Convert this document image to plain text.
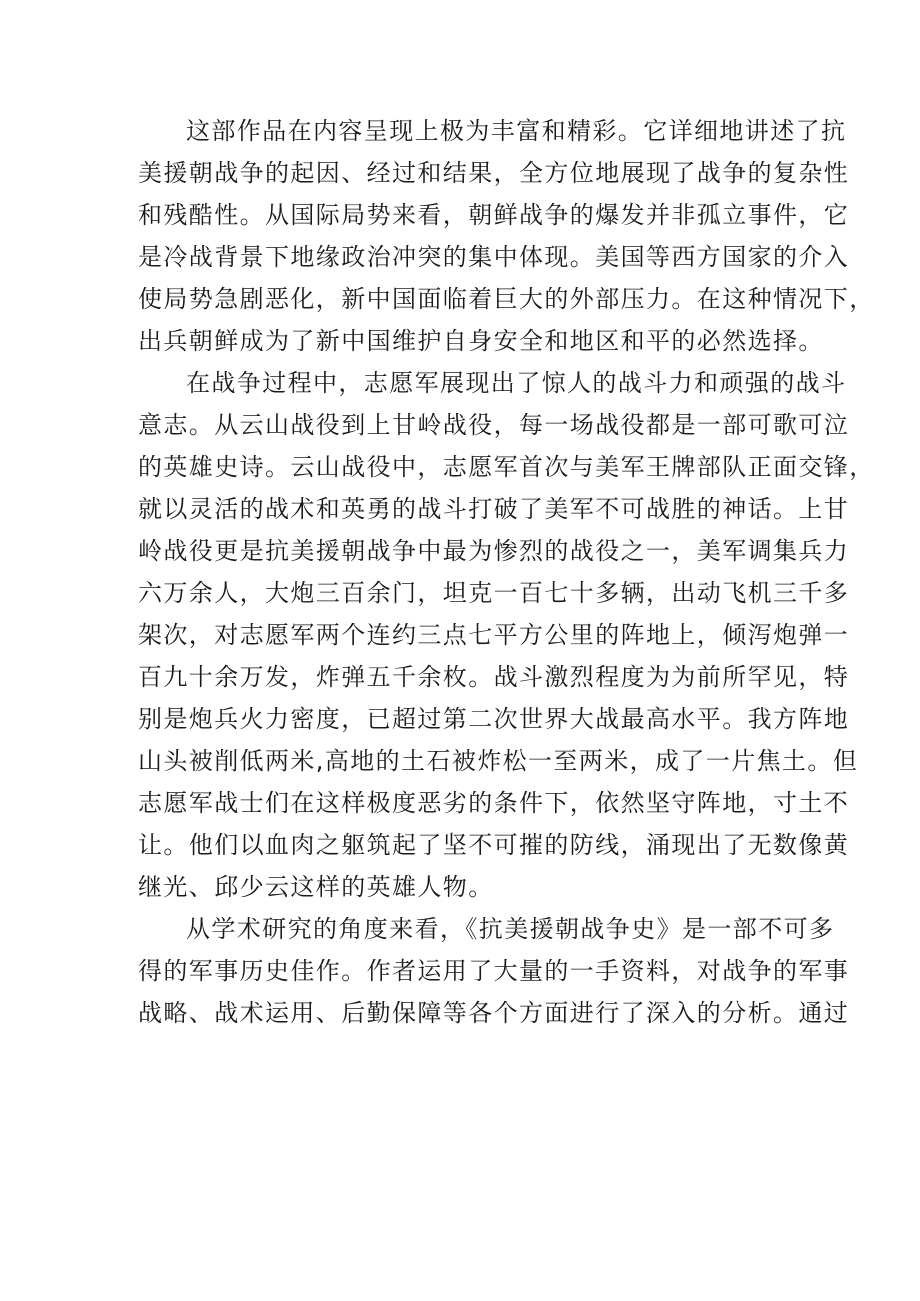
这部作品在内容呈现上极为丰富和精彩。它详细地讲述了抗
美援朝战争的起因、经过和结果，全方位地展现了战争的复杂性
和残酷性。从国际局势来看，朝鲜战争的爆发并非孤立事件，它
是冷战背景下地缘政治冲突的集中体现。美国等西方国家的介入
使局势急剧恶化，新中国面临着巨大的外部压力。在这种情况下，
出兵朝鲜成为了新中国维护自身安全和地区和平的必然选择。

在战争过程中，志愿军展现出了惊人的战斗力和顽强的战斗
意志。从云山战役到上甘岭战役，每一场战役都是一部可歌可泣
的英雄史诗。云山战役中，志愿军首次与美军王牌部队正面交锋，
就以灵活的战术和英勇的战斗打破了美军不可战胜的神话。上甘
岭战役更是抗美援朝战争中最为惨烈的战役之一，美军调集兵力
六万余人，大炮三百余门，坦克一百七十多辆，出动飞机三千多
架次，对志愿军两个连约三点七平方公里的阵地上，倾泻炮弹一
百九十余万发，炸弹五千余枚。战斗激烈程度为为前所罕见，特
别是炮兵火力密度，已超过第二次世界大战最高水平。我方阵地
山头被削低两米,高地的土石被炸松一至两米，成了一片焦土。但
志愿军战士们在这样极度恶劣的条件下，依然坚守阵地，寸土不
让。他们以血肉之躯筑起了坚不可摧的防线，涌现出了无数像黄
继光、邱少云这样的英雄人物。

从学术研究的角度来看，《抗美援朝战争史》是一部不可多
得的军事历史佳作。作者运用了大量的一手资料，对战争的军事
战略、战术运用、后勤保障等各个方面进行了深入的分析。通过
